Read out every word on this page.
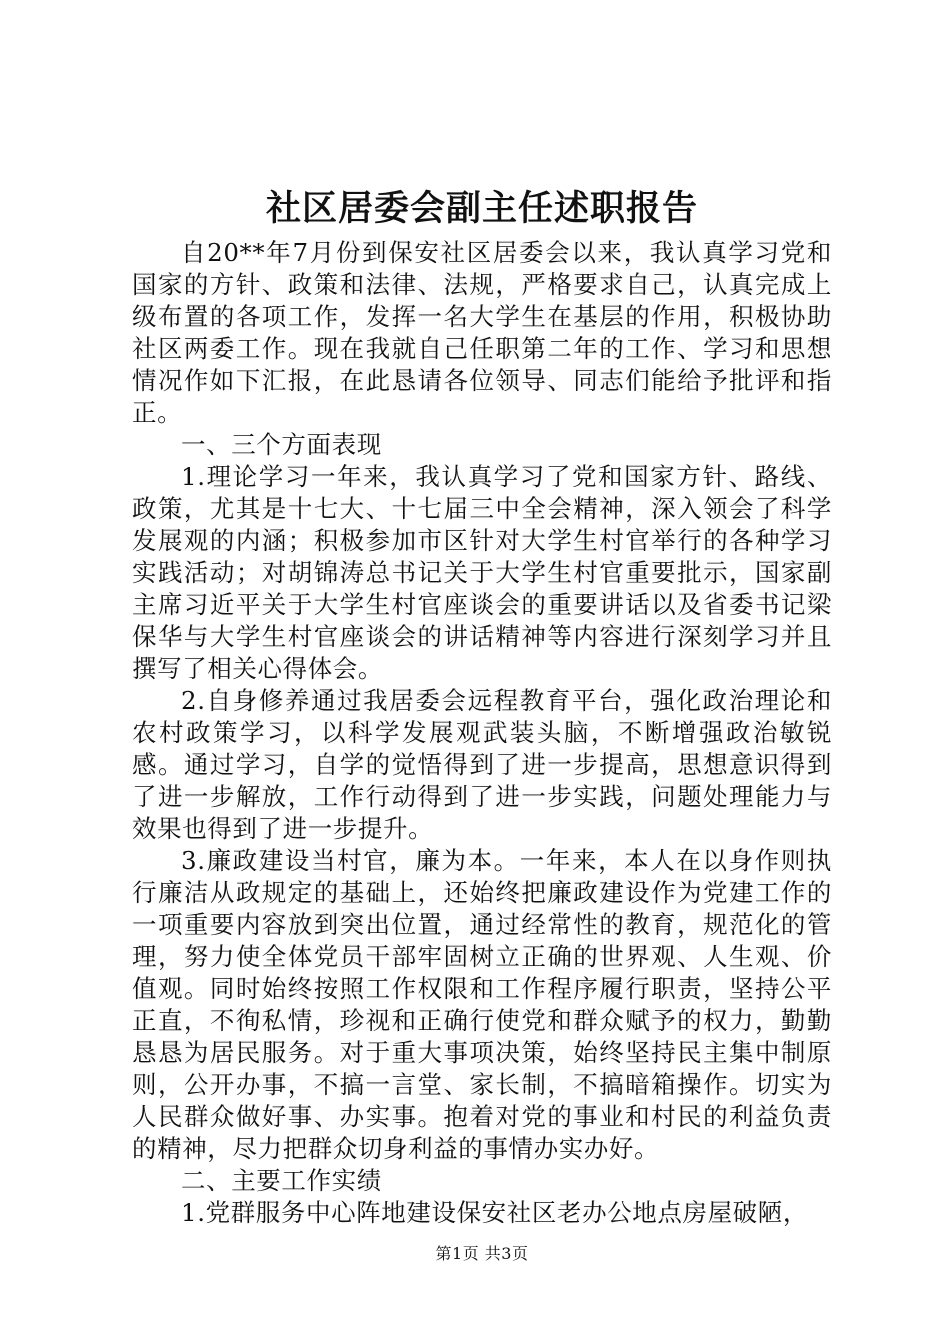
社区居委会副主任述职报告

自20**年7月份到保安社区居委会以来，我认真学习党和国家的方针、政策和法律、法规，严格要求自己，认真完成上级布置的各项工作，发挥一名大学生在基层的作用，积极协助社区两委工作。现在我就自己任职第二年的工作、学习和思想情况作如下汇报，在此恳请各位领导、同志们能给予批评和指正。

一、三个方面表现

1.理论学习一年来，我认真学习了党和国家方针、路线、政策，尤其是十七大、十七届三中全会精神，深入领会了科学发展观的内涵；积极参加市区针对大学生村官举行的各种学习实践活动；对胡锦涛总书记关于大学生村官重要批示，国家副主席习近平关于大学生村官座谈会的重要讲话以及省委书记梁保华与大学生村官座谈会的讲话精神等内容进行深刻学习并且撰写了相关心得体会。

2.自身修养通过我居委会远程教育平台，强化政治理论和农村政策学习，以科学发展观武装头脑，不断增强政治敏锐感。通过学习，自学的觉悟得到了进一步提高，思想意识得到了进一步解放，工作行动得到了进一步实践，问题处理能力与效果也得到了进一步提升。

3.廉政建设当村官，廉为本。一年来，本人在以身作则执行廉洁从政规定的基础上，还始终把廉政建设作为党建工作的一项重要内容放到突出位置，通过经常性的教育，规范化的管理，努力使全体党员干部牢固树立正确的世界观、人生观、价值观。同时始终按照工作权限和工作程序履行职责，坚持公平正直，不徇私情，珍视和正确行使党和群众赋予的权力，勤勤恳恳为居民服务。对于重大事项决策，始终坚持民主集中制原则，公开办事，不搞一言堂、家长制，不搞暗箱操作。切实为人民群众做好事、办实事。抱着对党的事业和村民的利益负责的精神，尽力把群众切身利益的事情办实办好。

二、主要工作实绩

1.党群服务中心阵地建设保安社区老办公地点房屋破陋，

第1页 共3页
